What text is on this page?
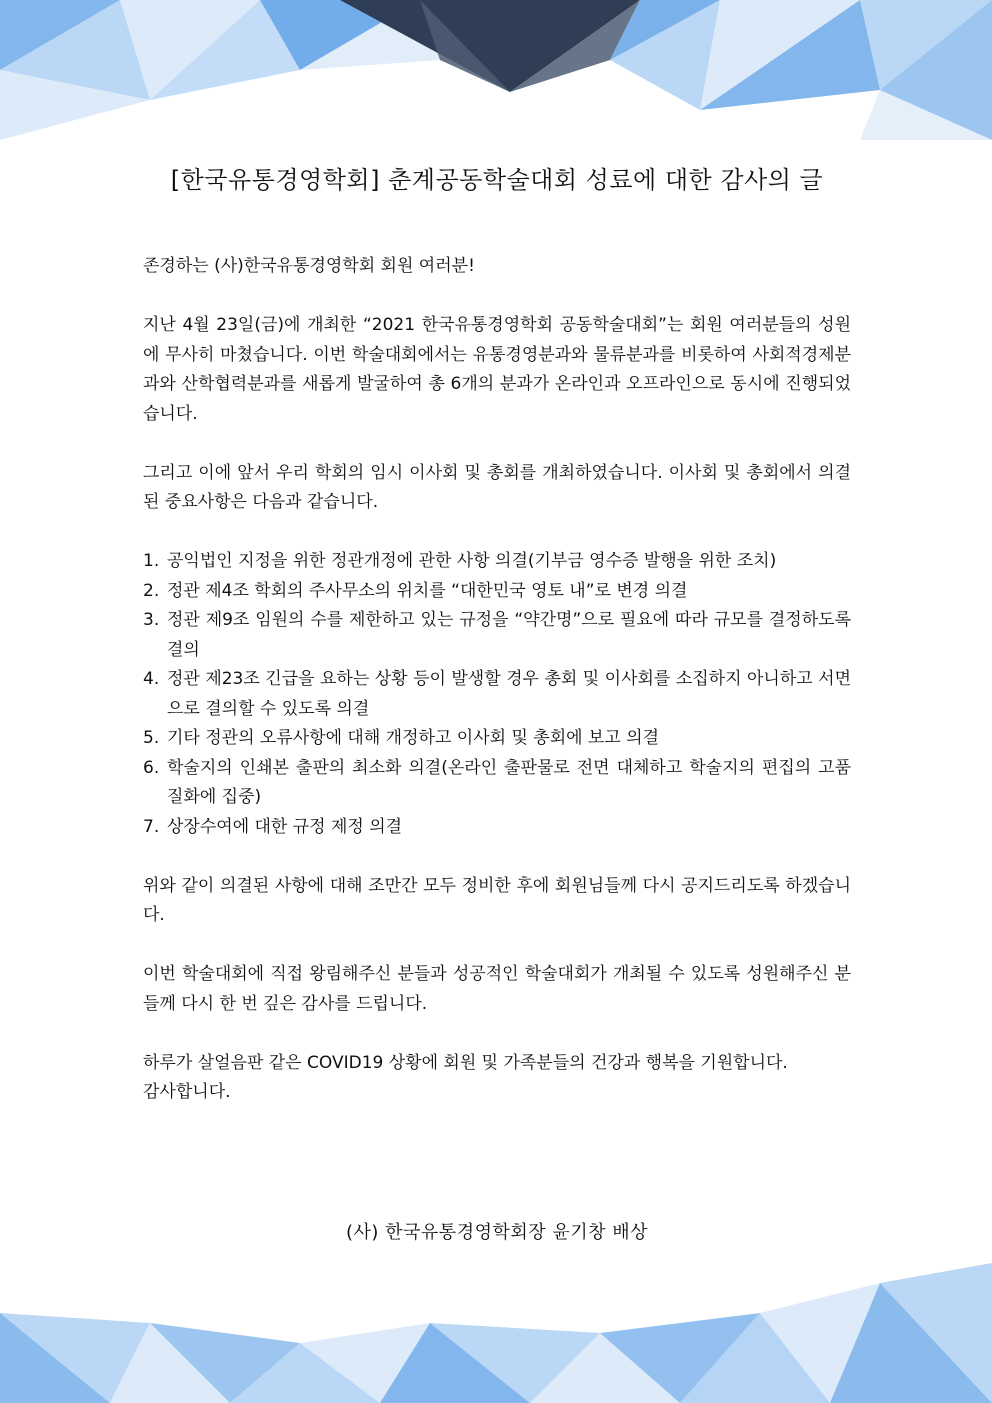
[한국유통경영학회] 춘계공동학술대회 성료에 대한 감사의 글

존경하는 (사)한국유통경영학회 회원 여러분!

지난 4월 23일(금)에 개최한 “2021 한국유통경영학회 공동학술대회”는 회원 여러분들의 성원에 무사히 마쳤습니다. 이번 학술대회에서는 유통경영분과와 물류분과를 비롯하여 사회적경제분과와 산학협력분과를 새롭게 발굴하여 총 6개의 분과가 온라인과 오프라인으로 동시에 진행되었습니다.

그리고 이에 앞서 우리 학회의 임시 이사회 및 총회를 개최하였습니다. 이사회 및 총회에서 의결된 중요사항은 다음과 같습니다.

1. 공익법인 지정을 위한 정관개정에 관한 사항 의결(기부금 영수증 발행을 위한 조치)
2. 정관 제4조 학회의 주사무소의 위치를 “대한민국 영토 내”로 변경 의결
3. 정관 제9조 임원의 수를 제한하고 있는 규정을 “약간명”으로 필요에 따라 규모를 결정하도록 결의
4. 정관 제23조 긴급을 요하는 상황 등이 발생할 경우 총회 및 이사회를 소집하지 아니하고 서면으로 결의할 수 있도록 의결
5. 기타 정관의 오류사항에 대해 개정하고 이사회 및 총회에 보고 의결
6. 학술지의 인쇄본 출판의 최소화 의결(온라인 출판물로 전면 대체하고 학술지의 편집의 고품질화에 집중)
7. 상장수여에 대한 규정 제정 의결

위와 같이 의결된 사항에 대해 조만간 모두 정비한 후에 회원님들께 다시 공지드리도록 하겠습니다.

이번 학술대회에 직접 왕림해주신 분들과 성공적인 학술대회가 개최될 수 있도록 성원해주신 분들께 다시 한 번 깊은 감사를 드립니다.

하루가 살얼음판 같은 COVID19 상황에 회원 및 가족분들의 건강과 행복을 기원합니다.

감사합니다.

(사) 한국유통경영학회장 윤기창 배상
